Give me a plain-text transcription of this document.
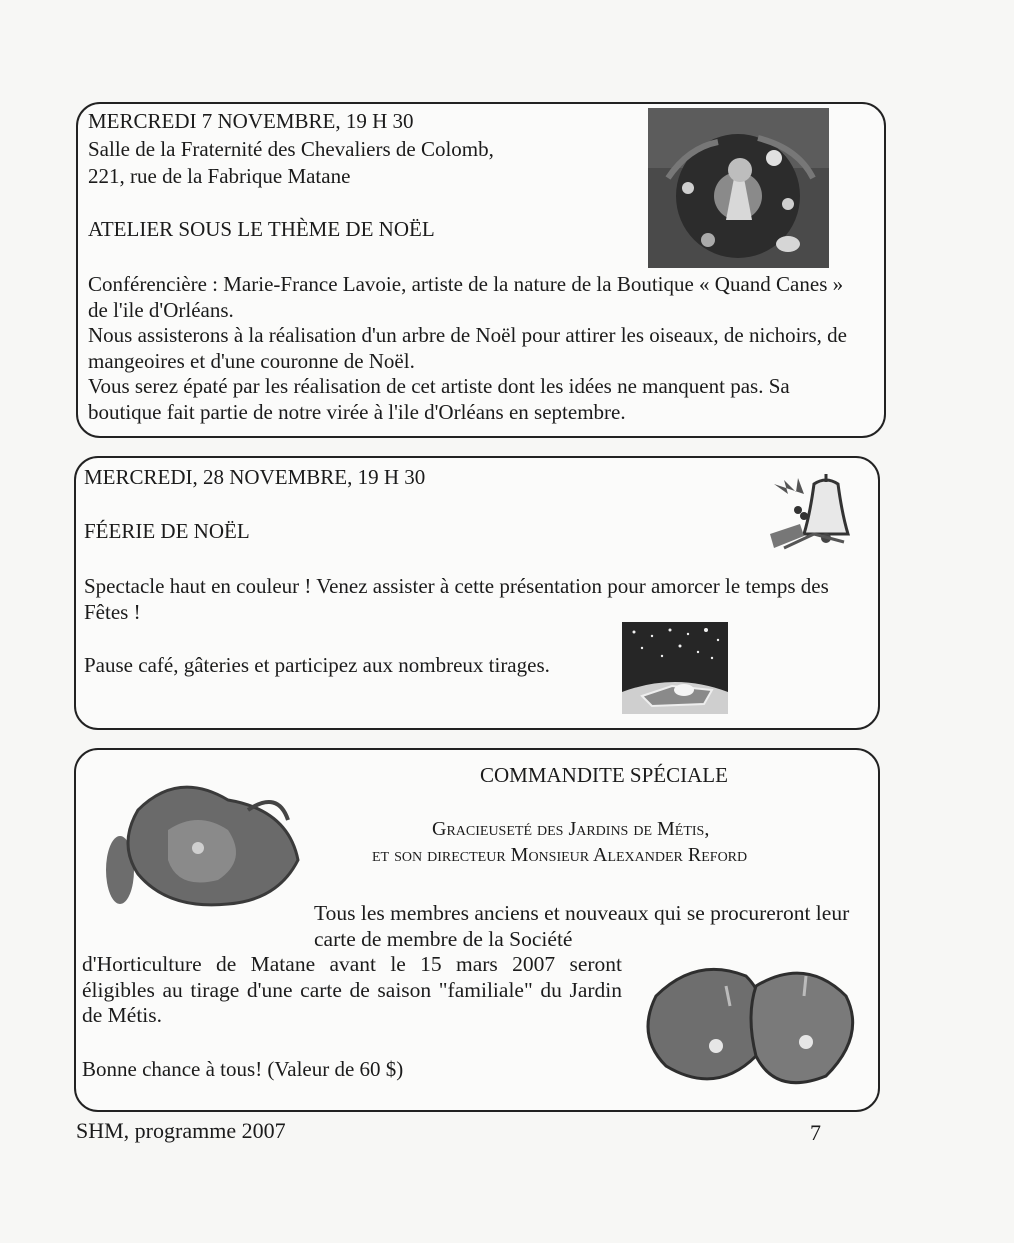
MERCREDI 7 NOVEMBRE, 19 H 30
Salle de la Fraternité des Chevaliers de Colomb,
221, rue de la Fabrique Matane
ATELIER SOUS LE THÈME DE NOËL

Conférencière : Marie-France Lavoie, artiste de la nature de la Boutique « Quand Canes » de l'ile d'Orléans.

Nous assisterons à la réalisation d'un arbre de Noël pour attirer les oiseaux, de nichoirs, de mangeoires et d'une couronne de Noël.

Vous serez épaté par les réalisation de cet artiste dont les idées ne manquent pas. Sa boutique fait partie de notre virée à l'ile d'Orléans en septembre.

MERCREDI, 28 NOVEMBRE, 19 H 30
FÉERIE DE NOËL
Spectacle haut en couleur ! Venez assister à cette présentation pour amorcer le temps des Fêtes !
Pause café, gâteries et participez aux nombreux tirages.
COMMANDITE SPÉCIALE
Gracieuseté des Jardins de Métis,
et son directeur Monsieur Alexander Reford
Tous les membres anciens et nouveaux qui se procureront leur
carte de membre de la Société
d'Horticulture de Matane avant le 15 mars 2007 seront éligibles au tirage d'une carte de saison "familiale" du Jardin de Métis.
Bonne chance à tous! (Valeur de 60 $)
SHM, programme 2007	7
